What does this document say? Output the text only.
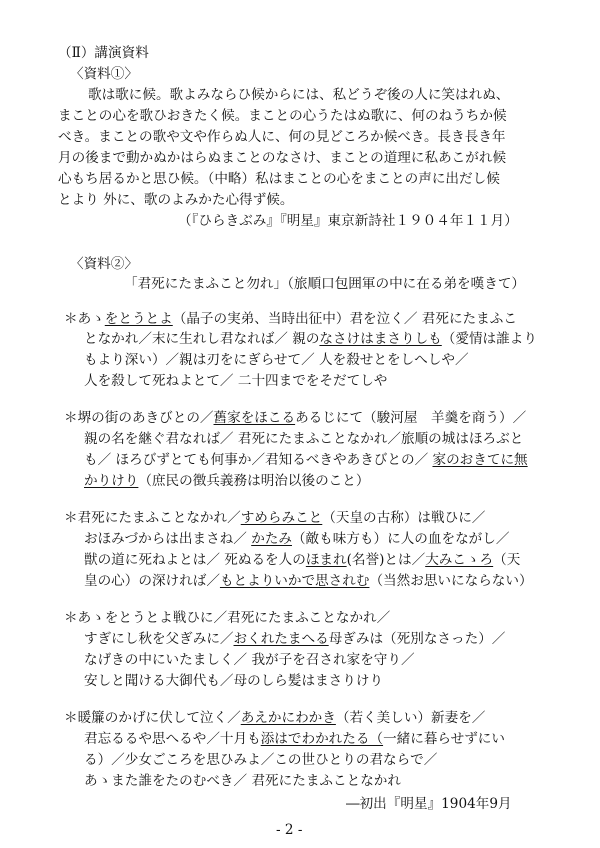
（Ⅱ）講演資料
〈資料①〉
歌は歌に候。歌よみならひ候からには、私どうぞ後の人に笑はれぬ、
まことの心を歌ひおきたく候。まことの心うたはぬ歌に、何のねうちか候
べき。まことの歌や文や作らぬ人に、何の見どころか候べき。長き長き年
月の後まで動かぬかはらぬまことのなさけ、まことの道理に私あこがれ候
心もち居るかと思ひ候。（中略）私はまことの心をまことの声に出だし候
とより 外に、歌のよみかた心得ず候。
（『ひらきぶみ』『明星』東京新詩社１９０４年１１月）
〈資料②〉
「君死にたまふこと勿れ」（旅順口包囲軍の中に在る弟を嘆きて）
＊あゝをとうとよ（晶子の実弟、当時出征中）君を泣く／ 君死にたまふこ
となかれ／末に生れし君なれば／ 親のなさけはまさりしも（愛情は誰より
もより深い）／親は刃をにぎらせて／ 人を殺せとをしへしや／
人を殺して死ねよとて／ 二十四までをそだてしや
＊堺の街のあきびとの／舊家をほこるあるじにて（駿河屋　羊羹を商う）／
親の名を継ぐ君なれば／ 君死にたまふことなかれ／旅順の城はほろぶと
も／ ほろびずとても何事か／君知るべきやあきびとの／ 家のおきてに無
かりけり（庶民の徴兵義務は明治以後のこと）
＊君死にたまふことなかれ／すめらみこと（天皇の古称）は戦ひに／
おほみづからは出まさね／ かたみ（敵も味方も）に人の血をながし／
獣の道に死ねよとは／ 死ぬるを人のほまれ(名誉)とは／大みこゝろ（天
皇の心）の深ければ／もとよりいかで思されむ（当然お思いにならない）
＊あゝをとうとよ戦ひに／君死にたまふことなかれ／
すぎにし秋を父ぎみに／おくれたまへる母ぎみは（死別なさった）／
なげきの中にいたましく／ 我が子を召され家を守り／
安しと聞ける大御代も／母のしら髪はまさりけり
＊暖簾のかげに伏して泣く／あえかにわかき（若く美しい）新妻を／
君忘るるや思へるや／十月も添はでわかれたる（一緒に暮らせずにい
る）／少女ごころを思ひみよ／この世ひとりの君ならで／
あゝまた誰をたのむべき／ 君死にたまふことなかれ
―初出『明星』1904年9月
- 2 -
